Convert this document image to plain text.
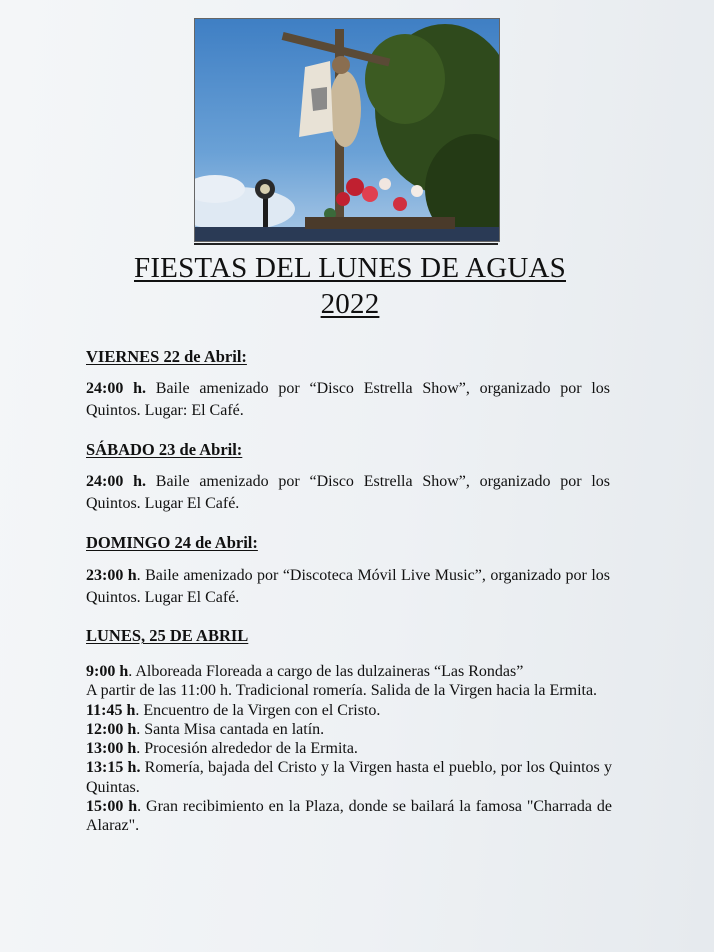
FIESTAS DEL LUNES DE AGUAS
2022
VIERNES 22 de Abril:
24:00 h. Baile amenizado por “Disco Estrella Show”, organizado por los Quintos. Lugar: El Café.
SÁBADO 23 de Abril:
24:00 h. Baile amenizado por “Disco Estrella Show”, organizado por los Quintos. Lugar El Café.
DOMINGO 24 de Abril:
23:00 h. Baile amenizado por “Discoteca Móvil Live Music”, organizado por los Quintos. Lugar El Café.
LUNES, 25 DE ABRIL
9:00 h. Alboreada Floreada a cargo de las dulzaineras “Las Rondas”
A partir de las 11:00 h. Tradicional romería. Salida de la Virgen hacia la Ermita.
11:45 h. Encuentro de la Virgen con el Cristo.
12:00 h. Santa Misa cantada en latín.
13:00 h. Procesión alrededor de la Ermita.
13:15 h. Romería, bajada del Cristo y la Virgen hasta el pueblo, por los Quintos y Quintas.
15:00 h. Gran recibimiento en la Plaza, donde se bailará la famosa "Charrada de Alaraz".
